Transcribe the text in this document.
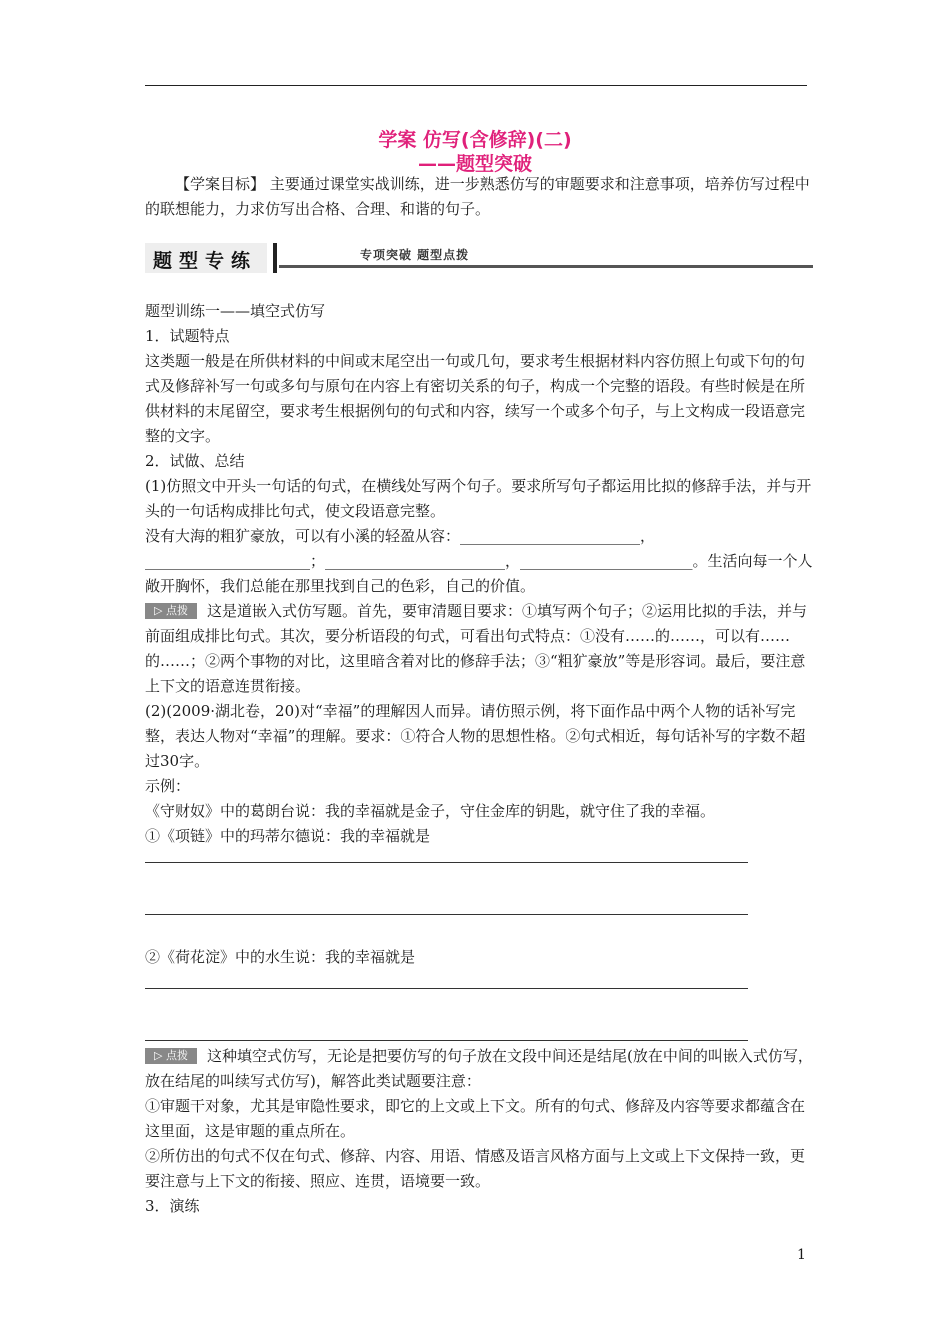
学案 仿写(含修辞)(二)
——题型突破

【学案目标】 主要通过课堂实战训练，进一步熟悉仿写的审题要求和注意事项，培养仿写过程中的联想能力，力求仿写出合格、合理、和谐的句子。

题型专练	专项突破 题型点拨

题型训练一——填空式仿写

1．试题特点

这类题一般是在所供材料的中间或末尾空出一句或几句，要求考生根据材料内容仿照上句或下句的句式及修辞补写一句或多句与原句在内容上有密切关系的句子，构成一个完整的语段。有些时候是在所供材料的末尾留空，要求考生根据例句的句式和内容，续写一个或多个句子，与上文构成一段语意完整的文字。

2．试做、总结

(1)仿照文中开头一句话的句式，在横线处写两个句子。要求所写句子都运用比拟的修辞手法，并与开头的一句话构成排比句式，使文段语意完整。

没有大海的粗犷豪放，可以有小溪的轻盈从容：________________________，______________________；________________________，_______________________。生活向每一个人敞开胸怀，我们总能在那里找到自己的色彩，自己的价值。

▷ 点拨 这是道嵌入式仿写题。首先，要审清题目要求：①填写两个句子；②运用比拟的手法，并与前面组成排比句式。其次，要分析语段的句式，可看出句式特点：①没有……的……，可以有……的……；②两个事物的对比，这里暗含着对比的修辞手法；③“粗犷豪放”等是形容词。最后，要注意上下文的语意连贯衔接。

(2)(2009·湖北卷，20)对“幸福”的理解因人而异。请仿照示例，将下面作品中两个人物的话补写完整，表达人物对“幸福”的理解。要求：①符合人物的思想性格。②句式相近，每句话补写的字数不超过30字。

示例：

《守财奴》中的葛朗台说：我的幸福就是金子，守住金库的钥匙，就守住了我的幸福。

①《项链》中的玛蒂尔德说：我的幸福就是

②《荷花淀》中的水生说：我的幸福就是

▷ 点拨 这种填空式仿写，无论是把要仿写的句子放在文段中间还是结尾(放在中间的叫嵌入式仿写，放在结尾的叫续写式仿写)，解答此类试题要注意：

①审题干对象，尤其是审隐性要求，即它的上文或上下文。所有的句式、修辞及内容等要求都蕴含在这里面，这是审题的重点所在。

②所仿出的句式不仅在句式、修辞、内容、用语、情感及语言风格方面与上文或上下文保持一致，更要注意与上下文的衔接、照应、连贯，语境要一致。

3．演练

1
